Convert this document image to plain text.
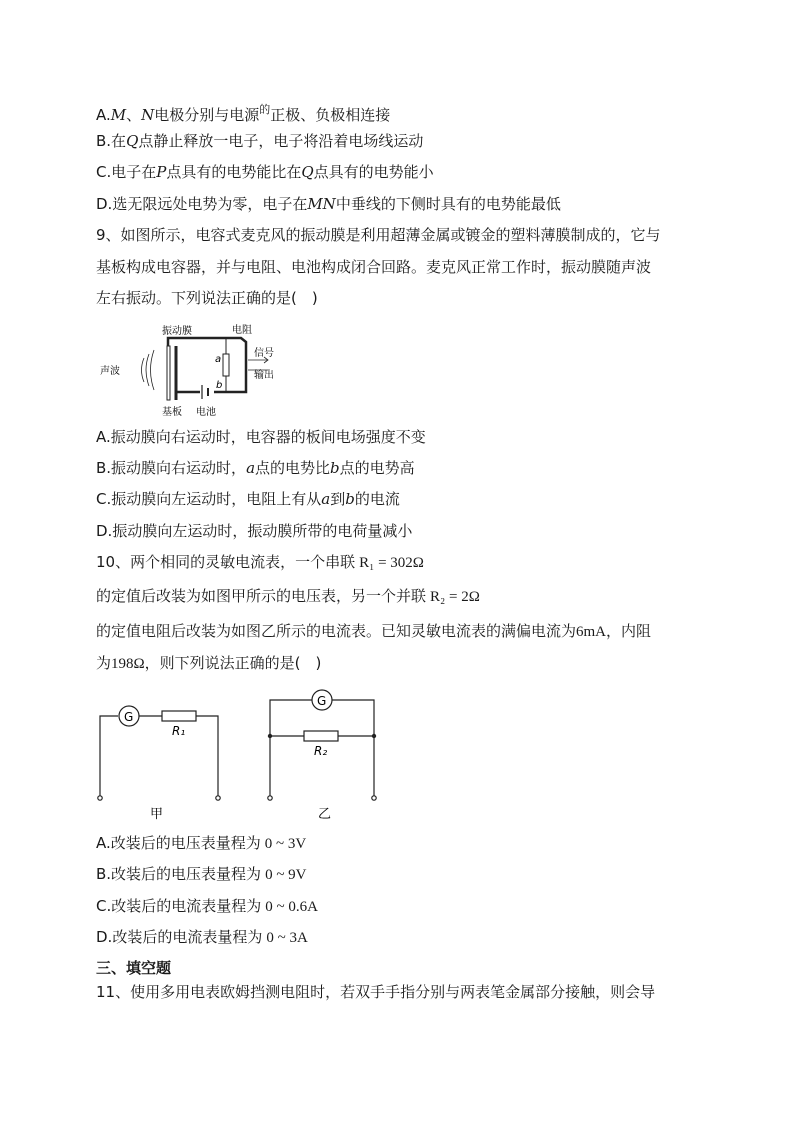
A.M、N电极分别与电源$^的$正极、负极相连接
B.在Q点静止释放一电子，电子将沿着电场线运动
C.电子在P点具有的电势能比在Q点具有的电势能小
D.选无限远处电势为零，电子在MN中垂线的下侧时具有的电势能最低
9、如图所示，电容式麦克风的振动膜是利用超薄金属或镀金的塑料薄膜制成的，它与
基板构成电容器，并与电阻、电池构成闭合回路。麦克风正常工作时，振动膜随声波
左右振动。下列说法正确的是(　)
振动膜	电阻
声波
信号
输出
基板 电池
a
b
A.振动膜向右运动时，电容器的板间电场强度不变
B.振动膜向右运动时，a点的电势比b点的电势高
C.振动膜向左运动时，电阻上有从a到b的电流
D.振动膜向左运动时，振动膜所带的电荷量减小
10、两个相同的灵敏电流表，一个串联 R₁ = 302Ω
的定值后改装为如图甲所示的电压表，另一个并联 R₂ = 2Ω
的定值电阻后改装为如图乙所示的电流表。已知灵敏电流表的满偏电流为6mA，内阻
为198Ω，则下列说法正确的是(　)
G
R₁
甲
G
R₂
乙
A.改装后的电压表量程为 0 ~ 3V
B.改装后的电压表量程为 0 ~ 9V
C.改装后的电流表量程为 0 ~ 0.6A
D.改装后的电流表量程为 0 ~ 3A
三、填空题
11、使用多用电表欧姆挡测电阻时，若双手手指分别与两表笔金属部分接触，则会导
